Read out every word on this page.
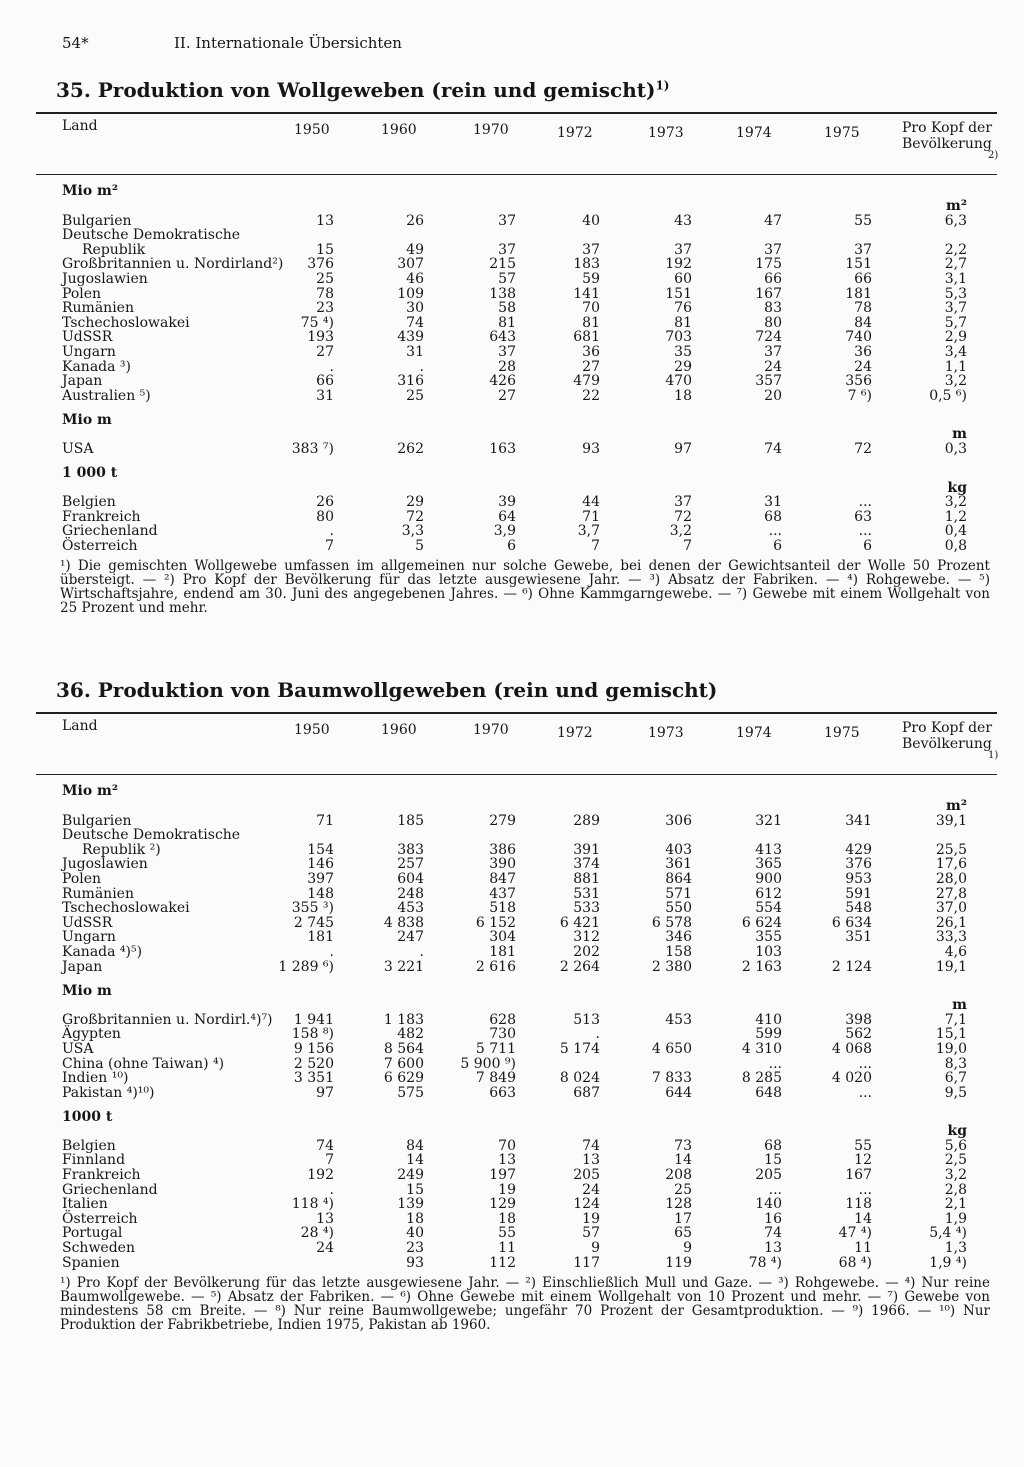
54*	II. Internationale Übersichten
35. Produktion von Wollgeweben (rein und gemischt)$^{1)}$
Land	1950	1960	1970	1972	1973	1974	1975	Pro Kopf der Bevölkerung
2)
Mio m²								
								m²
Bulgarien	13	26	37	40	43	47	55	6,3
Deutsche Demokratische								
Republik	15	49	37	37	37	37	37	2,2
Großbritannien u. Nordirland²)	376	307	215	183	192	175	151	2,7
Jugoslawien	25	46	57	59	60	66	66	3,1
Polen	78	109	138	141	151	167	181	5,3
Rumänien	23	30	58	70	76	83	78	3,7
Tschechoslowakei	75 ⁴)	74	81	81	81	80	84	5,7
UdSSR	193	439	643	681	703	724	740	2,9
Ungarn	27	31	37	36	35	37	36	3,4
Kanada ³)	.	.	28	27	29	24	24	1,1
Japan	66	316	426	479	470	357	356	3,2
Australien ⁵)	31	25	27	22	18	20	7 ⁶)	0,5 ⁶)
Mio m								
								m
USA	383 ⁷)	262	163	93	97	74	72	0,3
1 000 t								
								kg
Belgien	26	29	39	44	37	31	...	3,2
Frankreich	80	72	64	71	72	68	63	1,2
Griechenland	.	3,3	3,9	3,7	3,2	...	...	0,4
Österreich	7	5	6	7	7	6	6	0,8
¹) Die gemischten Wollgewebe umfassen im allgemeinen nur solche Gewebe, bei denen der Gewichtsanteil der Wolle 50 Prozent übersteigt. — ²) Pro Kopf der Bevölkerung für das letzte ausgewiesene Jahr. — ³) Absatz der Fabriken. — ⁴) Rohgewebe. — ⁵) Wirtschaftsjahre, endend am 30. Juni des angegebenen Jahres. — ⁶) Ohne Kammgarngewebe. — ⁷) Gewebe mit einem Wollgehalt von 25 Prozent und mehr.
36. Produktion von Baumwollgeweben (rein und gemischt)
Land	1950	1960	1970	1972	1973	1974	1975	Pro Kopf der Bevölkerung
1)
Mio m²								
								m²
Bulgarien	71	185	279	289	306	321	341	39,1
Deutsche Demokratische								
Republik ²)	154	383	386	391	403	413	429	25,5
Jugoslawien	146	257	390	374	361	365	376	17,6
Polen	397	604	847	881	864	900	953	28,0
Rumänien	148	248	437	531	571	612	591	27,8
Tschechoslowakei	355 ³)	453	518	533	550	554	548	37,0
UdSSR	2 745	4 838	6 152	6 421	6 578	6 624	6 634	26,1
Ungarn	181	247	304	312	346	355	351	33,3
Kanada ⁴)⁵)	.	.	181	202	158	103		4,6
Japan	1 289 ⁶)	3 221	2 616	2 264	2 380	2 163	2 124	19,1
Mio m								
								m
Großbritannien u. Nordirl.⁴)⁷)	1 941	1 183	628	513	453	410	398	7,1
Ägypten	158 ⁸)	482	730	.		599	562	15,1
USA	9 156	8 564	5 711	5 174	4 650	4 310	4 068	19,0
China (ohne Taiwan) ⁴)	2 520	7 600	5 900 ⁹)			...	...	8,3
Indien ¹⁰)	3 351	6 629	7 849	8 024	7 833	8 285	4 020	6,7
Pakistan ⁴)¹⁰)	97	575	663	687	644	648	...	9,5
1000 t								
								kg
Belgien	74	84	70	74	73	68	55	5,6
Finnland	7	14	13	13	14	15	12	2,5
Frankreich	192	249	197	205	208	205	167	3,2
Griechenland	.	15	19	24	25	...	...	2,8
Italien	118 ⁴)	139	129	124	128	140	118	2,1
Österreich	13	18	18	19	17	16	14	1,9
Portugal	28 ⁴)	40	55	57	65	74	47 ⁴)	5,4 ⁴)
Schweden	24	23	11	9	9	13	11	1,3
Spanien		93	112	117	119	78 ⁴)	68 ⁴)	1,9 ⁴)
¹) Pro Kopf der Bevölkerung für das letzte ausgewiesene Jahr. — ²) Einschließlich Mull und Gaze. — ³) Rohgewebe. — ⁴) Nur reine Baumwollgewebe. — ⁵) Absatz der Fabriken. — ⁶) Ohne Gewebe mit einem Wollgehalt von 10 Prozent und mehr. — ⁷) Gewebe von mindestens 58 cm Breite. — ⁸) Nur reine Baumwollgewebe; ungefähr 70 Prozent der Gesamtproduktion. — ⁹) 1966. — ¹⁰) Nur Produktion der Fabrikbetriebe, Indien 1975, Pakistan ab 1960.
